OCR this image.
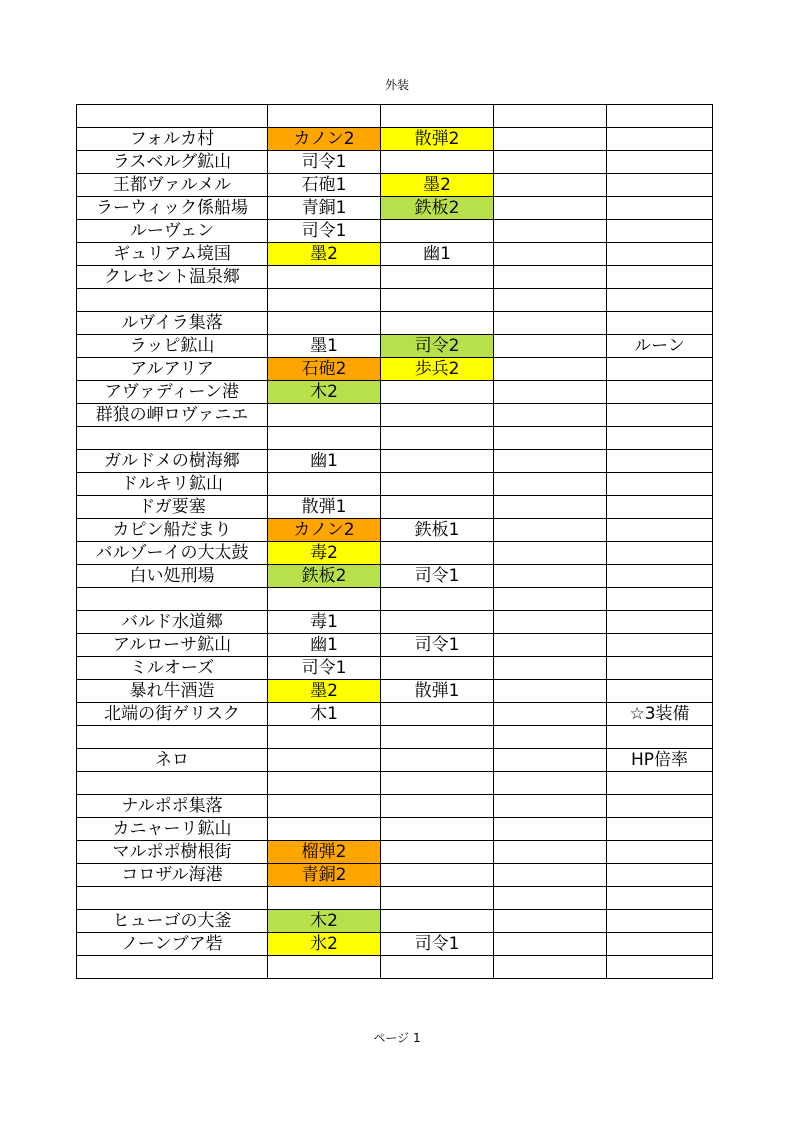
外装

フォルカ村	カノン2	散弾2		
ラスベルグ鉱山	司令1			
王都ヴァルメル	石砲1	墨2		
ラーウィック係船場	青銅1	鉄板2		
ルーヴェン	司令1			
ギュリアム境国	墨2	幽1		
クレセント温泉郷				

ルヴイラ集落				
ラッピ鉱山	墨1	司令2		ルーン
アルアリア	石砲2	歩兵2		
アヴァディーン港	木2			
群狼の岬ロヴァニエ				

ガルドメの樹海郷	幽1			
ドルキリ鉱山				
ドガ要塞	散弾1			
カピン船だまり	カノン2	鉄板1		
バルゾーイの大太鼓	毒2			
白い処刑場	鉄板2	司令1		

バルド水道郷	毒1			
アルローサ鉱山	幽1	司令1		
ミルオーズ	司令1			
暴れ牛酒造	墨2	散弾1		
北端の街ゲリスク	木1			☆3装備

ネロ				HP倍率

ナルポポ集落				
カニャーリ鉱山				
マルポポ樹根街	榴弾2			
コロザル海港	青銅2			

ヒューゴの大釜	木2			
ノーンブア砦	氷2	司令1		

ページ 1
